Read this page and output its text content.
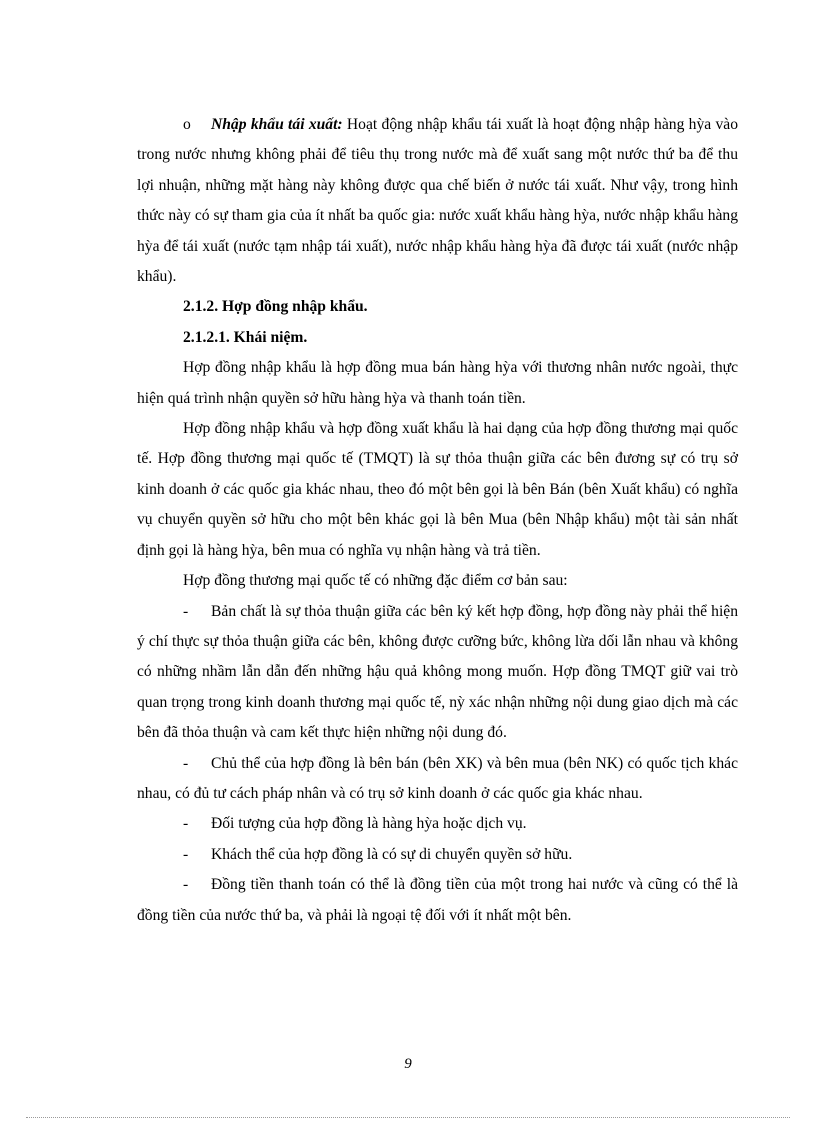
o Nhập khẩu tái xuất: Hoạt động nhập khẩu tái xuất là hoạt động nhập hàng hỳa vào trong nước nhưng không phải để tiêu thụ trong nước mà để xuất sang một nước thứ ba để thu lợi nhuận, những mặt hàng này không được qua chế biến ở nước tái xuất. Như vậy, trong hình thức này có sự tham gia của ít nhất ba quốc gia: nước xuất khẩu hàng hỳa, nước nhập khẩu hàng hỳa để tái xuất (nước tạm nhập tái xuất), nước nhập khẩu hàng hỳa đã được tái xuất (nước nhập khẩu).

2.1.2. Hợp đồng nhập khẩu.

2.1.2.1. Khái niệm.

Hợp đồng nhập khẩu là hợp đồng mua bán hàng hỳa với thương nhân nước ngoài, thực hiện quá trình nhận quyền sở hữu hàng hỳa và thanh toán tiền.

Hợp đồng nhập khẩu và hợp đồng xuất khẩu là hai dạng của hợp đồng thương mại quốc tế. Hợp đồng thương mại quốc tế (TMQT) là sự thỏa thuận giữa các bên đương sự có trụ sở kinh doanh ở các quốc gia khác nhau, theo đó một bên gọi là bên Bán (bên Xuất khẩu) có nghĩa vụ chuyển quyền sở hữu cho một bên khác gọi là bên Mua (bên Nhập khẩu) một tài sản nhất định gọi là hàng hỳa, bên mua có nghĩa vụ nhận hàng và trả tiền.

Hợp đồng thương mại quốc tế có những đặc điểm cơ bản sau:

- Bản chất là sự thỏa thuận giữa các bên ký kết hợp đồng, hợp đồng này phải thể hiện ý chí thực sự thỏa thuận giữa các bên, không được cưỡng bức, không lừa dối lẫn nhau và không có những nhầm lẫn dẫn đến những hậu quả không mong muốn. Hợp đồng TMQT giữ vai trò quan trọng trong kinh doanh thương mại quốc tế, nỳ xác nhận những nội dung giao dịch mà các bên đã thỏa thuận và cam kết thực hiện những nội dung đó.

- Chủ thể của hợp đồng là bên bán (bên XK) và bên mua (bên NK) có quốc tịch khác nhau, có đủ tư cách pháp nhân và có trụ sở kinh doanh ở các quốc gia khác nhau.

- Đối tượng của hợp đồng là hàng hỳa hoặc dịch vụ.

- Khách thể của hợp đồng là có sự di chuyển quyền sở hữu.

- Đồng tiền thanh toán có thể là đồng tiền của một trong hai nước và cũng có thể là đồng tiền của nước thứ ba, và phải là ngoại tệ đối với ít nhất một bên.

9
